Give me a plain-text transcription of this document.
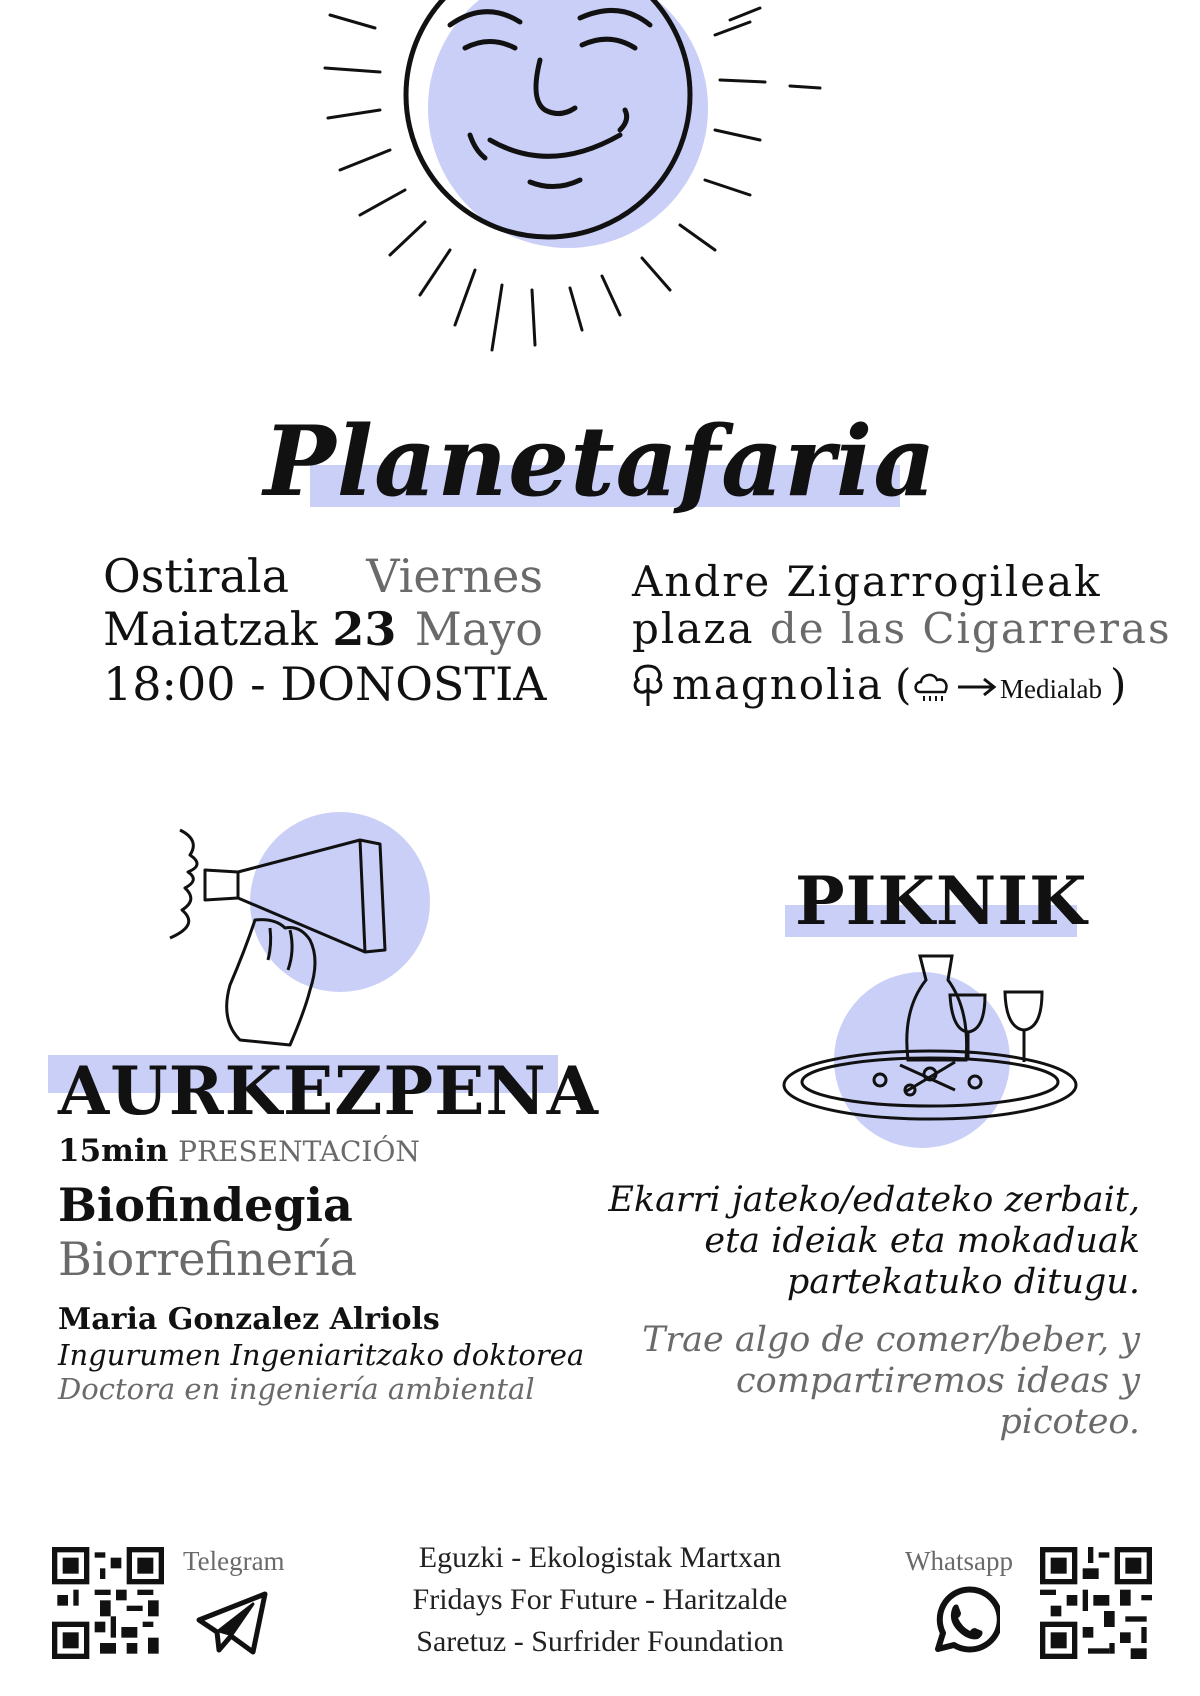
Planetafaria
Ostirala Viernes
Maiatzak 23 Mayo
18:00 - DONOSTIA
Andre Zigarrogileak
plaza de las Cigarreras
magnolia (	Medialab )
AURKEZPENA
15min PRESENTACIÓN
Biofindegia
Biorrefinería
Maria Gonzalez Alriols
Ingurumen Ingeniaritzako doktorea
Doctora en ingeniería ambiental
PIKNIK
Ekarri jateko/edateko zerbait,
eta ideiak eta mokaduak
partekatuko ditugu.
Trae algo de comer/beber, y
compartiremos ideas y picoteo.
Telegram	Eguzki - Ekologistak Martxan
Fridays For Future - Haritzalde
Saretuz - Surfrider Foundation
Whatsapp
